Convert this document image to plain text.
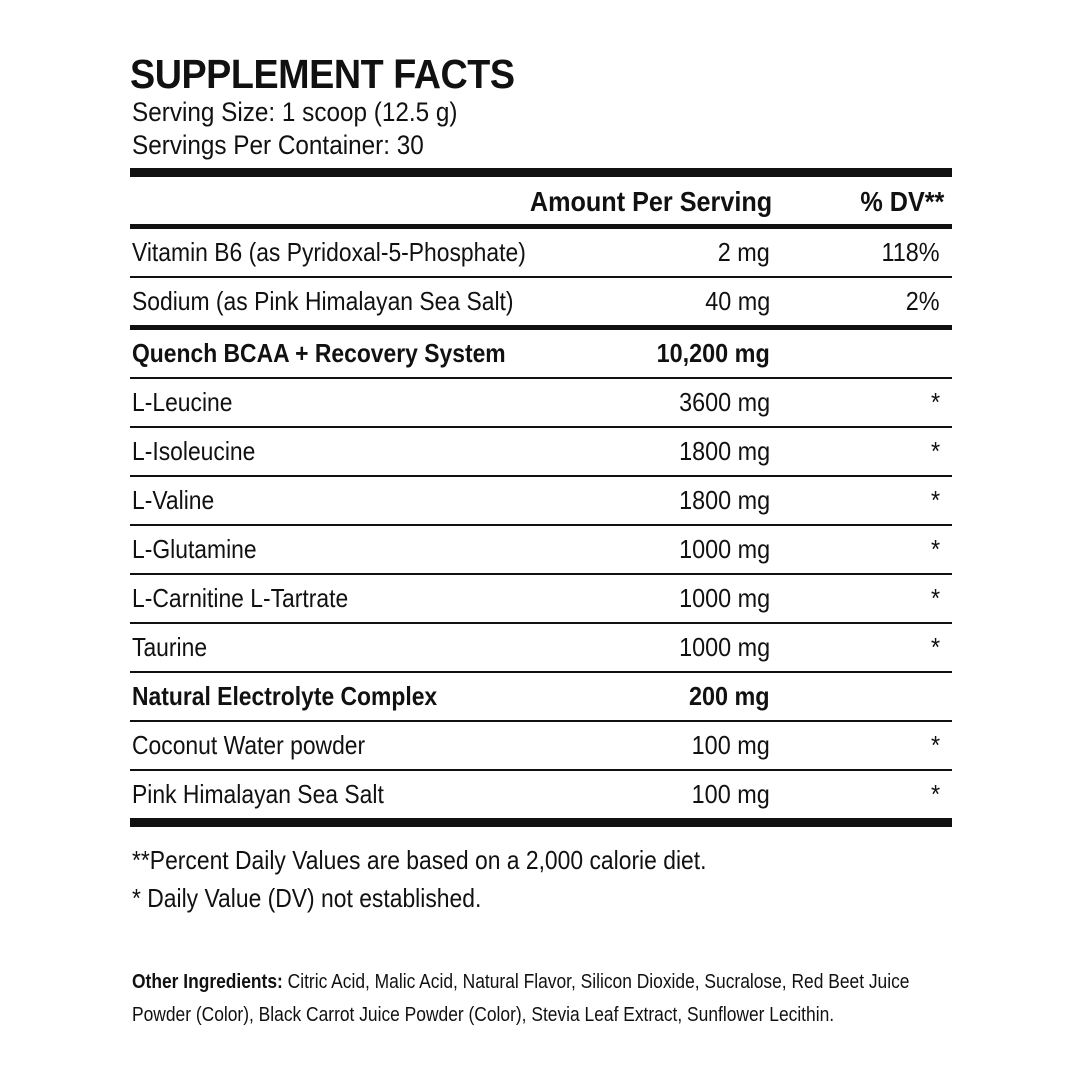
SUPPLEMENT FACTS
Serving Size: 1 scoop (12.5 g)
Servings Per Container: 30
Amount Per Serving	% DV**
Vitamin B6 (as Pyridoxal-5-Phosphate)	2 mg	118%
Sodium (as Pink Himalayan Sea Salt)	40 mg	2%
Quench BCAA + Recovery System	10,200 mg
L-Leucine	3600 mg	*
L-Isoleucine	1800 mg	*
L-Valine	1800 mg	*
L-Glutamine	1000 mg	*
L-Carnitine L-Tartrate	1000 mg	*
Taurine	1000 mg	*
Natural Electrolyte Complex	200 mg
Coconut Water powder	100 mg	*
Pink Himalayan Sea Salt	100 mg	*
**Percent Daily Values are based on a 2,000 calorie diet.
* Daily Value (DV) not established.
Other Ingredients: Citric Acid, Malic Acid, Natural Flavor, Silicon Dioxide, Sucralose, Red Beet Juice Powder (Color), Black Carrot Juice Powder (Color), Stevia Leaf Extract, Sunflower Lecithin.
